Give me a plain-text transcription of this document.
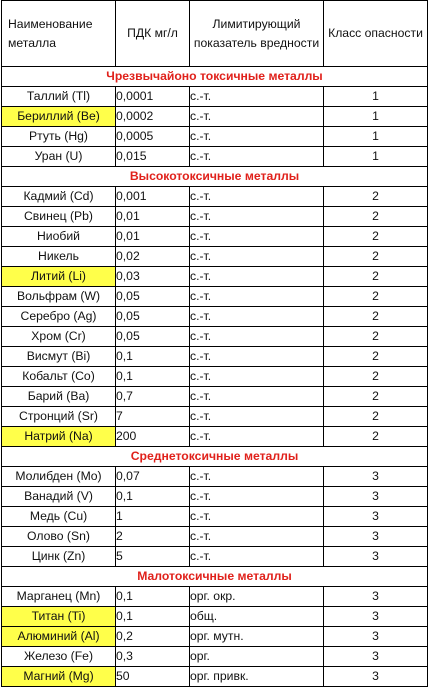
Наименование металла	ПДК мг/л	Лимитирующий показатель вредности	Класс опасности
Чрезвычайоно токсичные металлы			
Таллий (Tl)	0,0001	с.-т.	1
Бериллий (Be)	0,0002	с.-т.	1
Ртуть (Hg)	0,0005	с.-т.	1
Уран (U)	0,015	с.-т.	1
Высокотоксичные металлы			
Кадмий (Cd)	0,001	с.-т.	2
Свинец (Pb)	0,01	с.-т.	2
Ниобий	0,01	с.-т.	2
Никель	0,02	с.-т.	2
Литий (Li)	0,03	с.-т.	2
Вольфрам (W)	0,05	с.-т.	2
Серебро (Ag)	0,05	с.-т.	2
Хром (Cr)	0,05	с.-т.	2
Висмут (Bi)	0,1	с.-т.	2
Кобальт (Co)	0,1	с.-т.	2
Барий (Ba)	0,7	с.-т.	2
Стронций (Sr)	7	с.-т.	2
Натрий (Na)	200	с.-т.	2
Среднетоксичные металлы			
Молибден (Mo)	0,07	с.-т.	3
Ванадий (V)	0,1	с.-т.	3
Медь (Cu)	1	с.-т.	3
Олово (Sn)	2	с.-т.	3
Цинк (Zn)	5	с.-т.	3
Малотоксичные металлы			
Марганец (Mn)	0,1	орг. окр.	3
Титан (Ti)	0,1	общ.	3
Алюминий (Al)	0,2	орг. мутн.	3
Железо (Fe)	0,3	орг.	3
Магний (Mg)	50	орг. привк.	3
